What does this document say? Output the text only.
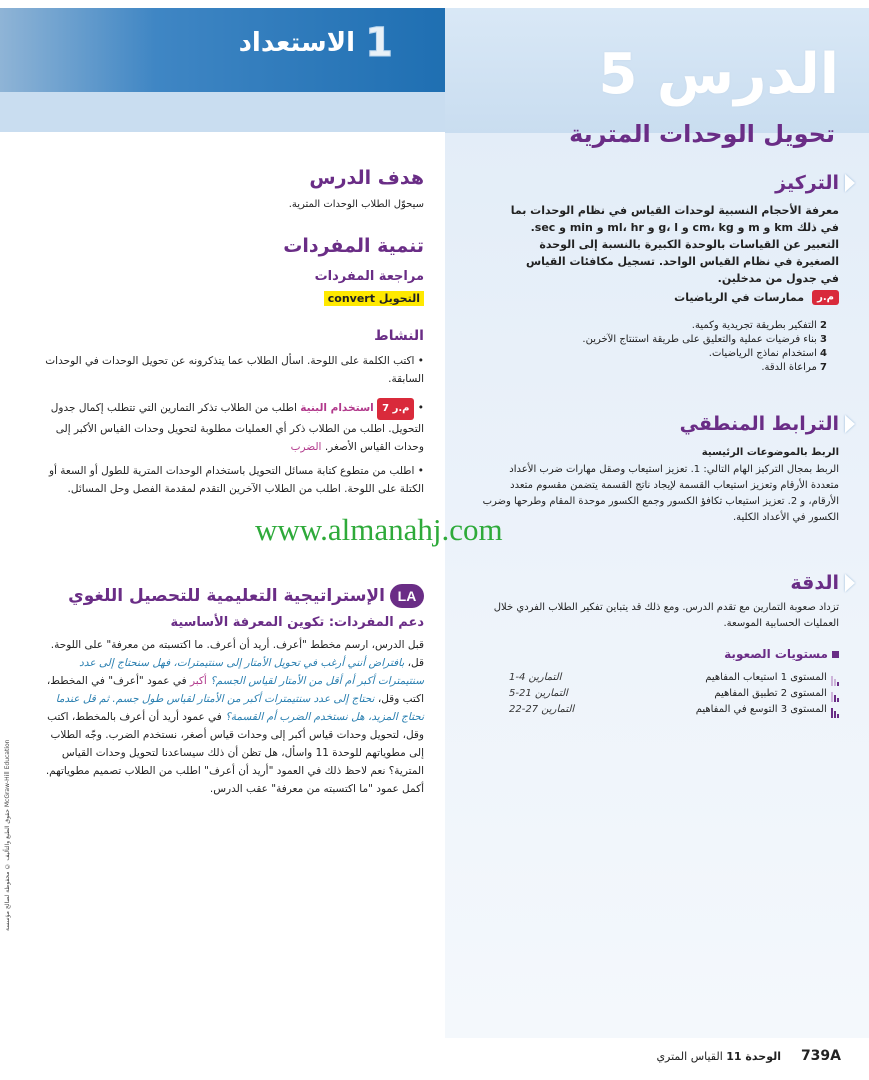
1
الاستعداد	الدرس 5
تحويل الوحدات المترية
التركيز
معرفة الأحجام النسبية لوحدات القياس في نظام الوحدات بما في ذلك km و m و cm، kg و g، l و ml، hr و min و sec. التعبير عن القياسات بالوحدة الكبيرة بالنسبة إلى الوحدة الصغيرة في نظام القياس الواحد. تسجيل مكافئات القياس في جدول من مدخلين.
م.ر
ممارسات في الرياضيات
2 التفكير بطريقة تجريدية وكمية.
3 بناء فرضيات عملية والتعليق على طريقة استنتاج الآخرين.
4 استخدام نماذج الرياضيات.
7 مراعاة الدقة.
الترابط المنطقي
الربط بالموضوعات الرئيسية
الربط بمجال التركيز الهام التالي: 1. تعزيز استيعاب وصقل مهارات ضرب الأعداد متعددة الأرقام وتعزيز استيعاب القسمة لإيجاد ناتج القسمة يتضمن مقسوم متعدد الأرقام، و 2. تعزيز استيعاب تكافؤ الكسور وجمع الكسور موحدة المقام وطرحها وضرب الكسور في الأعداد الكلية.
الدقة
تزداد صعوبة التمارين مع تقدم الدرس. ومع ذلك قد يتباين تفكير الطلاب الفردي خلال العمليات الحسابية الموسعة.
مستويات الصعوبة
المستوى 1 استيعاب المفاهيم
التمارين 4-1
المستوى 2 تطبيق المفاهيم
التمارين 21-5
المستوى 3 التوسع في المفاهيم
التمارين 27-22
هدف الدرس
سيحوّل الطلاب الوحدات المترية.
تنمية المفردات
مراجعة المفردات
التحويل convert
النشاط
• اكتب الكلمة على اللوحة. اسأل الطلاب عما يتذكرونه عن تحويل الوحدات في الوحدات السابقة.
• م.ر 7 استخدام البنية اطلب من الطلاب تذكر التمارين التي تتطلب إكمال جدول التحويل. اطلب من الطلاب ذكر أي العمليات مطلوبة لتحويل وحدات القياس الأكبر إلى وحدات القياس الأصغر. الضرب
• اطلب من متطوع كتابة مسائل التحويل باستخدام الوحدات المترية للطول أو السعة أو الكتلة على اللوحة. اطلب من الطلاب الآخرين التقدم لمقدمة الفصل وحل المسائل.
LA الإستراتيجية التعليمية للتحصيل اللغوي
دعم المفردات: تكوين المعرفة الأساسية
قبل الدرس، ارسم مخطط "أعرف. أريد أن أعرف. ما اكتسبته من معرفة" على اللوحة. قل، بافتراض أنني أرغب في تحويل الأمتار إلى سنتيمترات، فهل سنحتاج إلى عدد سنتيمترات أكبر أم أقل من الأمتار لقياس الجسم؟ أكبر في عمود "أعرف" في المخطط، اكتب وقل، نحتاج إلى عدد سنتيمترات أكبر من الأمتار لقياس طول جسم. ثم قل عندما نحتاج المزيد، هل نستخدم الضرب أم القسمة؟ في عمود أريد أن أعرف بالمخطط، اكتب وقل، لتحويل وحدات قياس أكبر إلى وحدات قياس أصغر، نستخدم الضرب. وجّه الطلاب إلى مطوياتهم للوحدة 11 واسأل، هل تظن أن ذلك سيساعدنا لتحويل وحدات القياس المترية؟ نعم لاحظ ذلك في العمود "أريد أن أعرف" اطلب من الطلاب تصميم مطوياتهم. أكمل عمود "ما اكتسبته من معرفة" عقب الدرس.
www.almanahj.com
McGraw-Hill Education حقوق الطبع والتأليف © محفوظة لصالح مؤسسة
739A
الوحدة 11 القياس المتري
